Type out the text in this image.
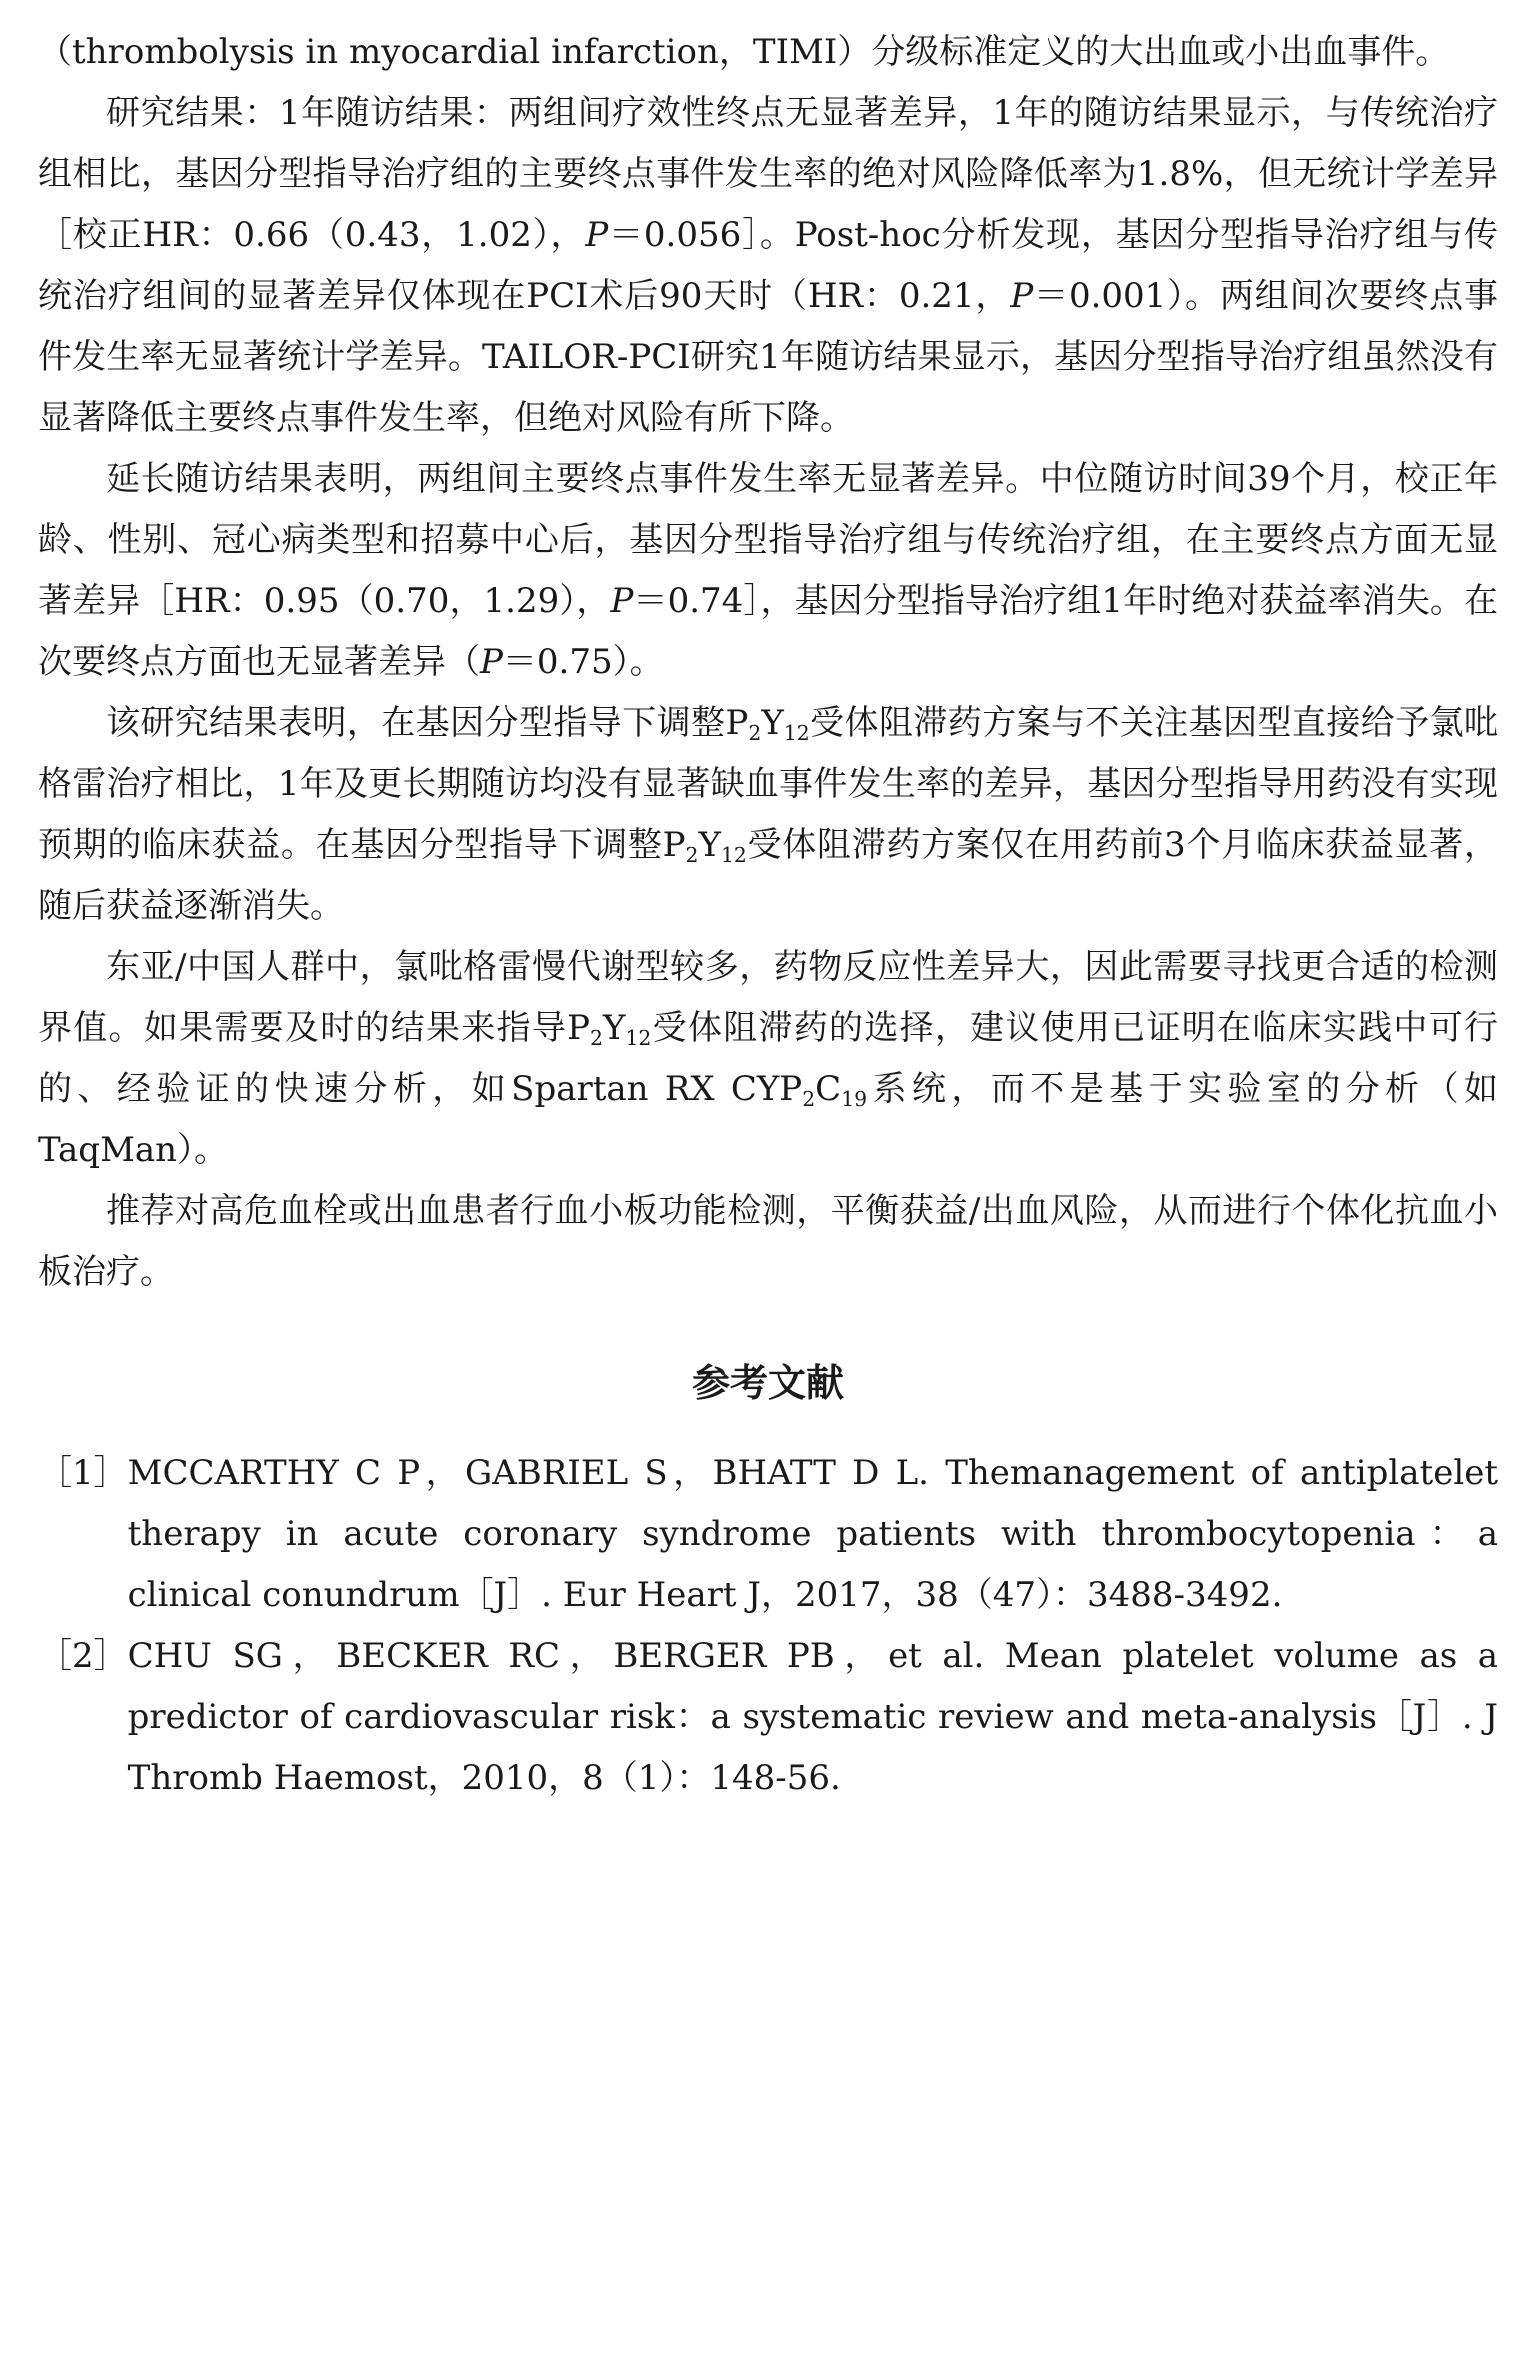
（thrombolysis in myocardial infarction，TIMI）分级标准定义的大出血或小出血事件。

研究结果：1年随访结果：两组间疗效性终点无显著差异，1年的随访结果显示，与传统治疗组相比，基因分型指导治疗组的主要终点事件发生率的绝对风险降低率为1.8%，但无统计学差异［校正HR：0.66（0.43，1.02），P＝0.056］。Post-hoc分析发现，基因分型指导治疗组与传统治疗组间的显著差异仅体现在PCI术后90天时（HR：0.21，P＝0.001）。两组间次要终点事件发生率无显著统计学差异。TAILOR-PCI研究1年随访结果显示，基因分型指导治疗组虽然没有显著降低主要终点事件发生率，但绝对风险有所下降。

延长随访结果表明，两组间主要终点事件发生率无显著差异。中位随访时间39个月，校正年龄、性别、冠心病类型和招募中心后，基因分型指导治疗组与传统治疗组，在主要终点方面无显著差异［HR：0.95（0.70，1.29），P＝0.74］，基因分型指导治疗组1年时绝对获益率消失。在次要终点方面也无显著差异（P＝0.75）。

该研究结果表明，在基因分型指导下调整$P_2Y_{12}$受体阻滞药方案与不关注基因型直接给予氯吡格雷治疗相比，1年及更长期随访均没有显著缺血事件发生率的差异，基因分型指导用药没有实现预期的临床获益。在基因分型指导下调整$P_2Y_{12}$受体阻滞药方案仅在用药前3个月临床获益显著，随后获益逐渐消失。

东亚/中国人群中，氯吡格雷慢代谢型较多，药物反应性差异大，因此需要寻找更合适的检测界值。如果需要及时的结果来指导$P_2Y_{12}$受体阻滞药的选择，建议使用已证明在临床实践中可行的、经验证的快速分析，如Spartan RX $CYP_2C_{19}$系统，而不是基于实验室的分析（如TaqMan）。

推荐对高危血栓或出血患者行血小板功能检测，平衡获益/出血风险，从而进行个体化抗血小板治疗。

参考文献
［1］ MCCARTHY C P，GABRIEL S，BHATT D L. Themanagement of antiplatelet therapy in acute coronary syndrome patients with thrombocytopenia：a clinical conundrum［J］. Eur Heart J，2017，38（47）：3488-3492.
［2］ CHU SG，BECKER RC，BERGER PB，et al. Mean platelet volume as a predictor of cardiovascular risk：a systematic review and meta-analysis［J］. J Thromb Haemost，2010，8（1）：148-56.
